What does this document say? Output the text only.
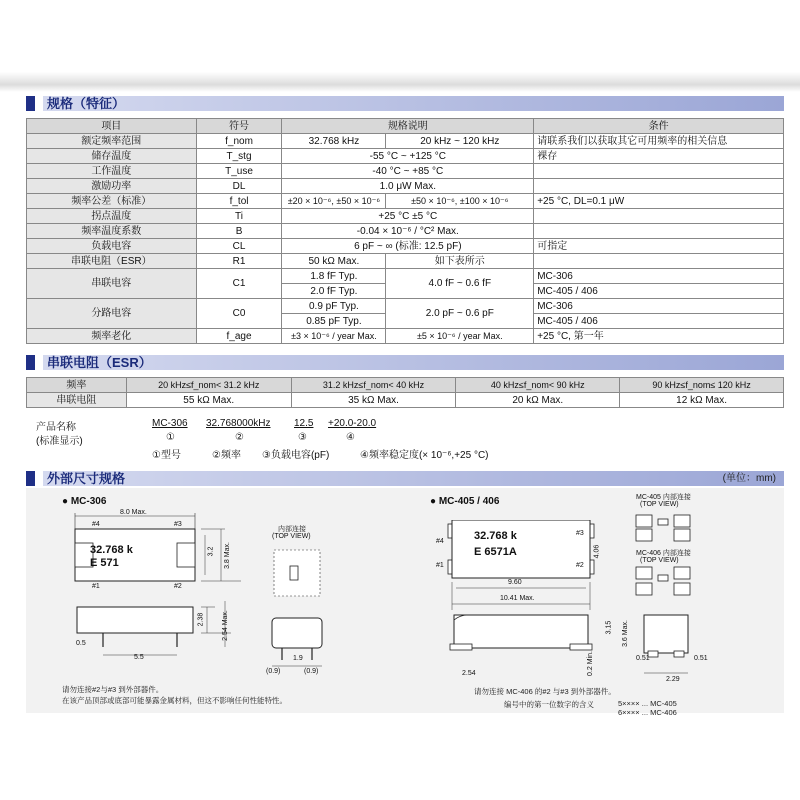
规格（特征）
项目	符号	规格说明		条件
额定频率范围	f_nom	32.768 kHz	20 kHz ~ 120 kHz	请联系我们以获取其它可用频率的相关信息
储存温度	T_stg	-55 °C ~ +125 °C		裸存
工作温度	T_use	-40 °C ~ +85 °C		
激励功率	DL	1.0 μW Max.		
频率公差（标准）	f_tol	±20 × 10⁻⁶, ±50 × 10⁻⁶	±50 × 10⁻⁶, ±100 × 10⁻⁶	+25 °C, DL=0.1 μW
拐点温度	Ti	+25 °C ±5 °C		
频率温度系数	B	-0.04 × 10⁻⁶ / °C² Max.		
负载电容	CL	6 pF ~ ∞ (标准: 12.5 pF)		可指定
串联电阻（ESR）	R1	50 kΩ Max.	如下表所示	
串联电容	C1	1.8 fF Typ.	4.0 fF ~ 0.6 fF	MC-306
		2.0 fF Typ.		MC-405 / 406
分路电容	C0	0.9 pF Typ.	2.0 pF ~ 0.6 pF	MC-306
		0.85 pF Typ.		MC-405 / 406
频率老化	f_age	±3 × 10⁻⁶ / year Max.	±5 × 10⁻⁶ / year Max.	+25 °C, 第一年
串联电阻（ESR）
频率	20 kHz≤f_nom< 31.2 kHz	31.2 kHz≤f_nom< 40 kHz	40 kHz≤f_nom< 90 kHz	90 kHz≤f_nom≤ 120 kHz
串联电阻	55 kΩ Max.	35 kΩ Max.	20 kΩ Max.	12 kΩ Max.
产品名称
(标准显示)
MC-306 32.768000kHz 12.5 +20.0-20.0
①	②	③	④
①型号	②频率 ③负载电容(pF)	④频率稳定度(× 10⁻⁶,+25 °C)
外部尺寸规格	(单位：mm)
● MC-306
32.768 k
E 571
8.0 Max.
#4	#3
#1	#2
3.2 3.8 Max.
2.38	2.54 Max.
0.5
5.5
内部连接
(TOP VIEW)
1.9
(0.9)	(0.9)
请勿连接#2与#3 到外部器件。
在该产品顶部或底部可能暴露金属材料，但这不影响任何性能特性。
● MC-405 / 406
32.768 k
E 6571A
#4
#3
#1	#2
4.06
9.60
10.41 Max.
3.15 3.6 Max.
2.54	0.2 Min.
MC-405 内部连接
(TOP VIEW)
MC-406 内部连接
(TOP VIEW)
0.51	0.51
2.29
请勿连接 MC-406 的#2 与#3 到外部器件。
编号中的第一位数字的含义	5×××× ... MC-405
6×××× ... MC-406
